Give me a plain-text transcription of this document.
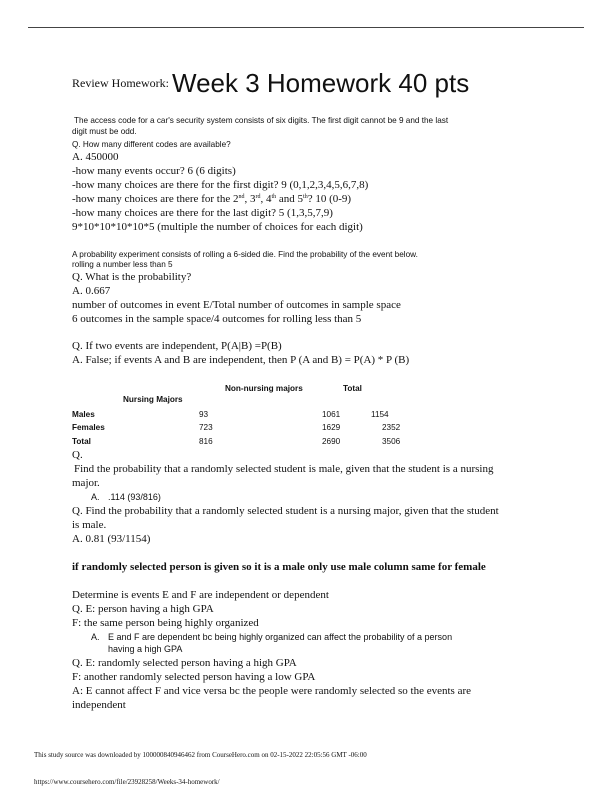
Review Homework: Week 3 Homework 40 pts
The access code for a car's security system consists of six digits. The first digit cannot be 9 and the last
digit must be odd.
Q. How many different codes are available?
A. 450000
-how many events occur? 6 (6 digits)
-how many choices are there for the first digit? 9 (0,1,2,3,4,5,6,7,8)
-how many choices are there for the 2nd, 3rd, 4th and 5th? 10 (0-9)
-how many choices are there for the last digit? 5 (1,3,5,7,9)
9*10*10*10*10*5 (multiple the number of choices for each digit)
A probability experiment consists of rolling a 6-sided die. Find the probability of the event below.
rolling a number less than 5
Q. What is the probability?
A. 0.667
number of outcomes in event E/Total number of outcomes in sample space
6 outcomes in the sample space/4 outcomes for rolling less than 5
Q. If two events are independent, P(A|B) =P(B)
A. False; if events A and B are independent, then P (A and B) = P(A) * P (B)
Non-nursing majors	Total
Nursing Majors
Males	93	1061	1154
Females	723	1629	2352
Total	816	2690	3506
Q.
Find the probability that a randomly selected student is male, given that the student is a nursing
major.
A. .114 (93/816)
Q. Find the probability that a randomly selected student is a nursing major, given that the student
is male.
A. 0.81 (93/1154)
if randomly selected person is given so it is a male only use male column same for female
Determine is events E and F are independent or dependent
Q. E: person having a high GPA
F: the same person being highly organized
A. E and F are dependent bc being highly organized can affect the probability of a person
having a high GPA
Q. E: randomly selected person having a high GPA
F: another randomly selected person having a low GPA
A: E cannot affect F and vice versa bc the people were randomly selected so the events are
independent
This study source was downloaded by 100000840946462 from CourseHero.com on 02-15-2022 22:05:56 GMT -06:00
https://www.coursehero.com/file/23928258/Weeks-34-homework/
